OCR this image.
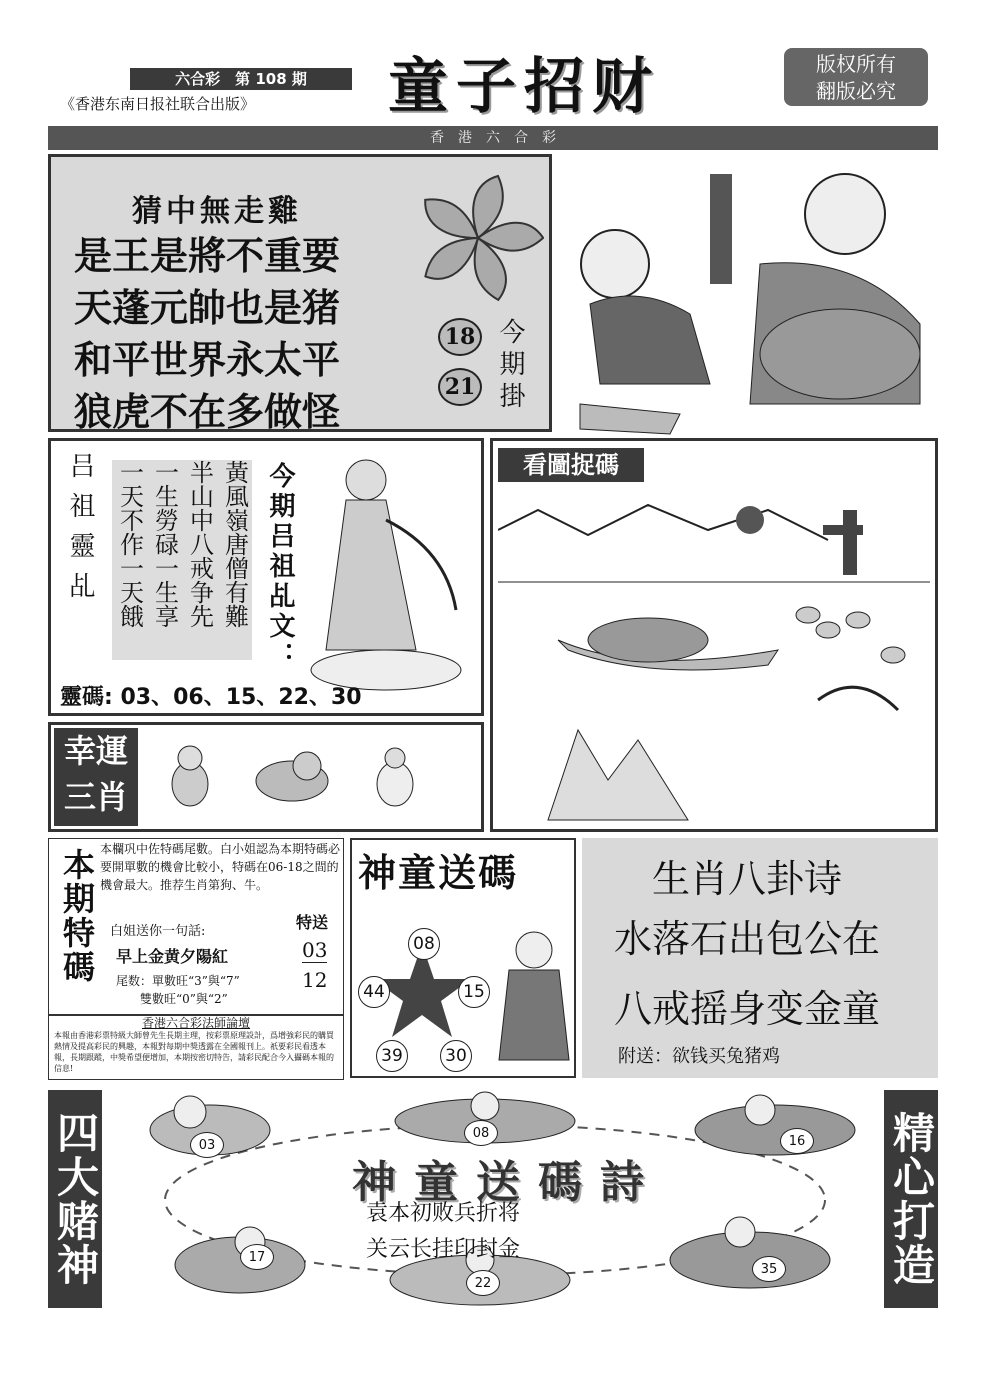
六合彩　第 108 期
《香港东南日报社联合出版》	童子招财	版权所有
翻版必究
香　港　六　合　彩
猜中無走雞
是王是將不重要
天蓬元帥也是猪
和平世界永太平
狼虎不在多做怪
18
21 今期掛
吕祖靈乩	黃風嶺唐僧有難
半山中八戒争先
一生勞碌一生享
一天不作一天餓	今期吕祖乩文：
靈碼: 03、06、15、22、30
看圖捉碼
幸運
三肖
本期特碼 本欄巩中佐特碼尾數。白小姐認為本期特碼必要開單數的機會比較小，特碼在06-18之間的機會最大。推荐生肖第狗、牛。
白姐送你一句話:
早上金黄夕陽紅
尾数：單數旺“3”與“7”
雙數旺“0”與“2”
特送
03
12
香港六合彩法師論壇
本報由香港彩票特級大師曾先生長期主理，按彩票原理設計，爲增強彩民的購買熱情及提高彩民的興趣，本報對每期中獎透露在全國報刊上。祇要彩民看透本報，長期跟蹤，中獎希望便增加，本期按密切特告，請彩民配合今入攝碼本報的信息!
神童送碼
08
44	15
39	30
生肖八卦诗
水落石出包公在
八戒摇身变金童
附送：欲钱买兔猪鸡
四大赌神	精心打造
03
08
16
17
22
35
神童送碼詩
袁本初败兵折将
关云长挂印封金
